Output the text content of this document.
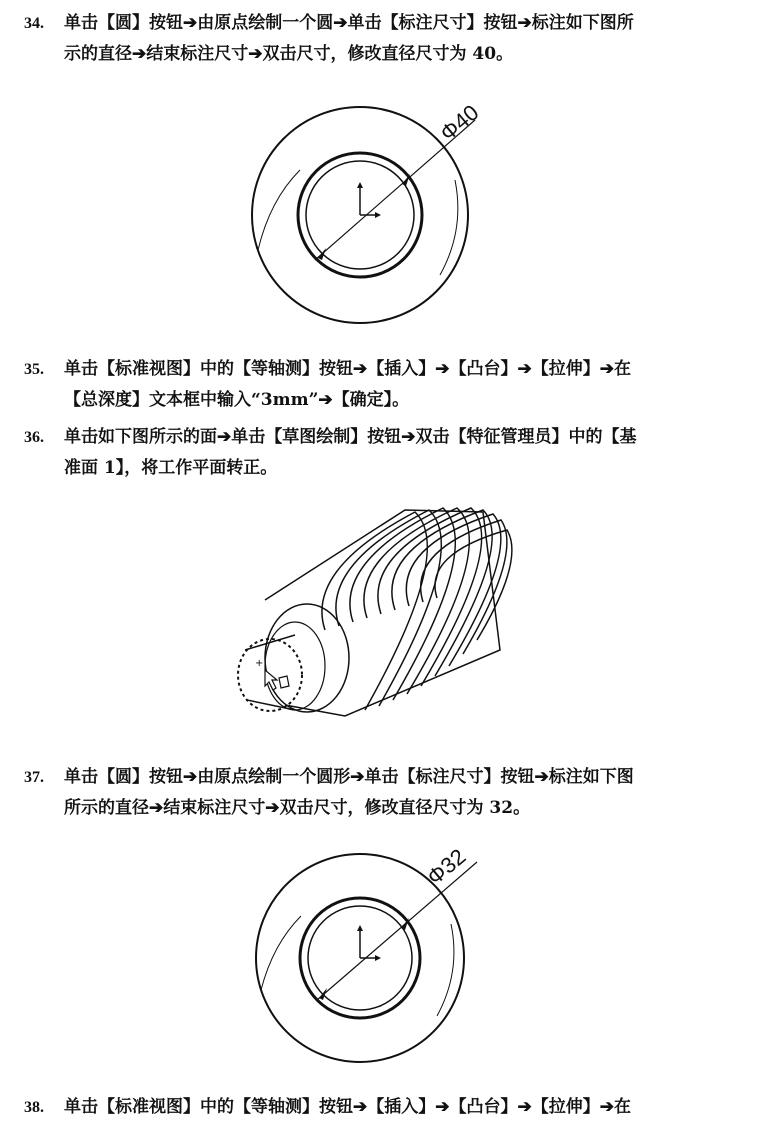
34. 单击【圆】按钮➔由原点绘制一个圆➔单击【标注尺寸】按钮➔标注如下图所
示的直径➔结束标注尺寸➔双击尺寸，修改直径尺寸为 40。
Φ40
35. 单击【标准视图】中的【等轴测】按钮➔【插入】➔【凸台】➔【拉伸】➔在
【总深度】文本框中输入“3mm”➔【确定】。
36. 单击如下图所示的面➔单击【草图绘制】按钮➔双击【特征管理员】中的【基
准面 1】，将工作平面转正。
+
37. 单击【圆】按钮➔由原点绘制一个圆形➔单击【标注尺寸】按钮➔标注如下图
所示的直径➔结束标注尺寸➔双击尺寸，修改直径尺寸为 32。
Φ32
38. 单击【标准视图】中的【等轴测】按钮➔【插入】➔【凸台】➔【拉伸】➔在
